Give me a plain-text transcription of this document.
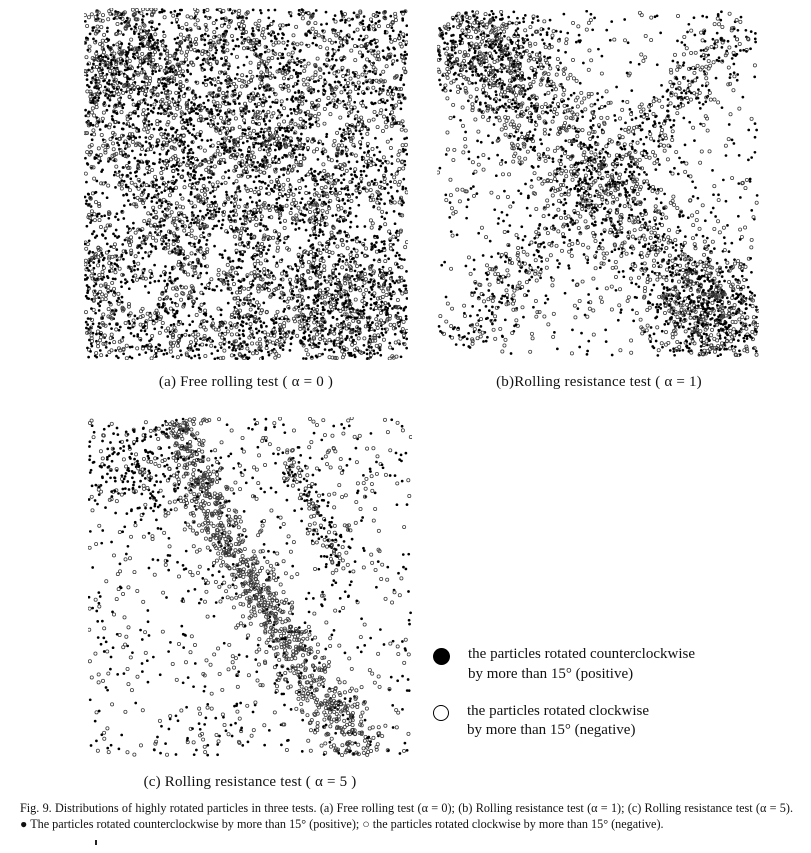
(a) Free rolling test ( α = 0 )	(b)Rolling resistance test ( α = 1)
(c) Rolling resistance test ( α = 5 )
the particles rotated counterclockwise
by more than 15° (positive)
the particles rotated clockwise
by more than 15° (negative)
Fig. 9. Distributions of highly rotated particles in three tests. (a) Free rolling test (α = 0); (b) Rolling resistance test (α = 1); (c) Rolling resistance test (α = 5). ● The particles rotated counterclockwise by more than 15° (positive); ○ the particles rotated clockwise by more than 15° (negative).
